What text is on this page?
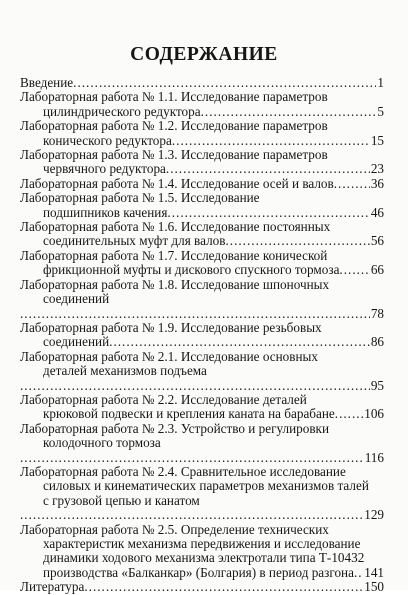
СОДЕРЖАНИЕ
Введение .....	1
Лабораторная работа № 1.1. Исследование параметров
цилиндрического редуктора .....	5
Лабораторная работа № 1.2. Исследование параметров
конического редуктора .....	15
Лабораторная работа № 1.3. Исследование параметров
червячного редуктора .....	23
Лабораторная работа № 1.4. Исследование осей и валов .....	36
Лабораторная работа № 1.5. Исследование
подшипников качения .....	46
Лабораторная работа № 1.6. Исследование постоянных
соединительных муфт для валов .....	56
Лабораторная работа № 1.7. Исследование конической
фрикционной муфты и дискового спускного тормоза ..... 66
Лабораторная работа № 1.8. Исследование шпоночных
соединений
.....
78
Лабораторная работа № 1.9. Исследование резьбовых
соединений .....	86
Лабораторная работа № 2.1. Исследование основных
деталей механизмов подъема
.....
95
Лабораторная работа № 2.2. Исследование деталей
крюковой подвески и крепления каната на барабане ..... 106
Лабораторная работа № 2.3. Устройство и регулировки
колодочного тормоза
.....
116
Лабораторная работа № 2.4. Сравнительное исследование
силовых и кинематических параметров механизмов талей
с грузовой цепью и канатом
.....
129
Лабораторная работа № 2.5. Определение технических
характеристик механизма передвижения и исследование
динамики ходового механизма электротали типа Т-10432
производства «Балканкар» (Болгария) в период разгона ..... 141
Литература .....	150
